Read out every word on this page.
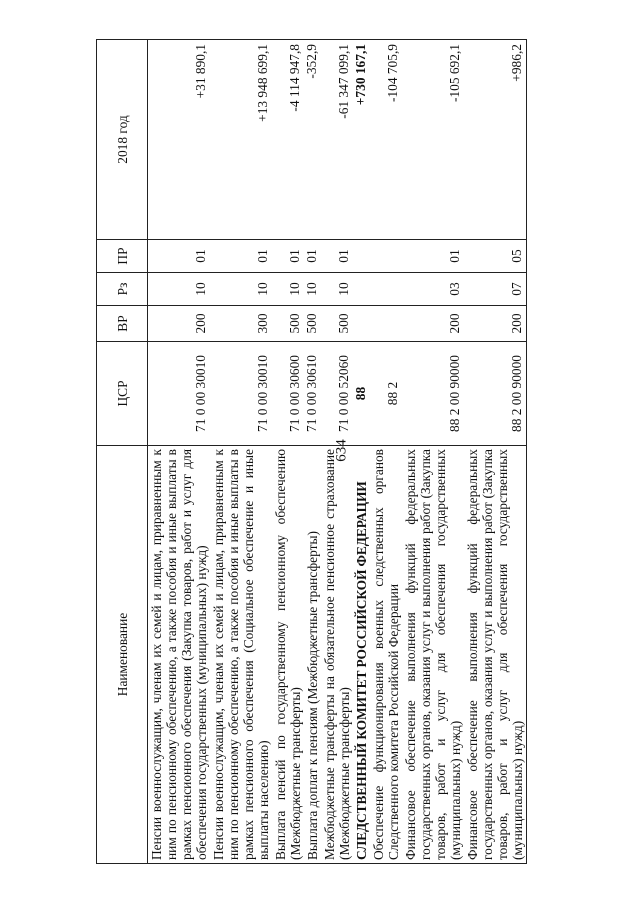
634
Наименование	ЦСР	ВР	Рз	ПР	2018 год
Пенсии военнослужащим, членам их семей и лицам, приравненным к ним по пенсионному обеспечению, а также пособия и иные выплаты в рамках пенсионного обеспечения (Закупка товаров, работ и услуг для обеспечения государственных (муниципальных) нужд)	71 0 00 30010	200	10	01	+31 890,1
Пенсии военнослужащим, членам их семей и лицам, приравненным к ним по пенсионному обеспечению, а также пособия и иные выплаты в рамках пенсионного обеспечения (Социальное обеспечение и иные выплаты населению)	71 0 00 30010	300	10	01	+13 948 699,1
Выплата пенсий по государственному пенсионному обеспечению (Межбюджетные трансферты)	71 0 00 30600	500	10	01	-4 114 947,8
Выплата доплат к пенсиям (Межбюджетные трансферты)	71 0 00 30610	500	10	01	-352,9
Межбюджетные трансферты на обязательное пенсионное страхование (Межбюджетные трансферты)	71 0 00 52060	500	10	01	-61 347 099,1
СЛЕДСТВЕННЫЙ КОМИТЕТ РОССИЙСКОЙ ФЕДЕРАЦИИ	88				+730 167,1
Обеспечение функционирования военных следственных органов Следственного комитета Российской Федерации	88 2				-104 705,9
Финансовое обеспечение выполнения функций федеральных государственных органов, оказания услуг и выполнения работ (Закупка товаров, работ и услуг для обеспечения государственных (муниципальных) нужд)	88 2 00 90000	200	03	01	-105 692,1
Финансовое обеспечение выполнения функций федеральных государственных органов, оказания услуг и выполнения работ (Закупка товаров, работ и услуг для обеспечения государственных (муниципальных) нужд)	88 2 00 90000	200	07	05	+986,2
